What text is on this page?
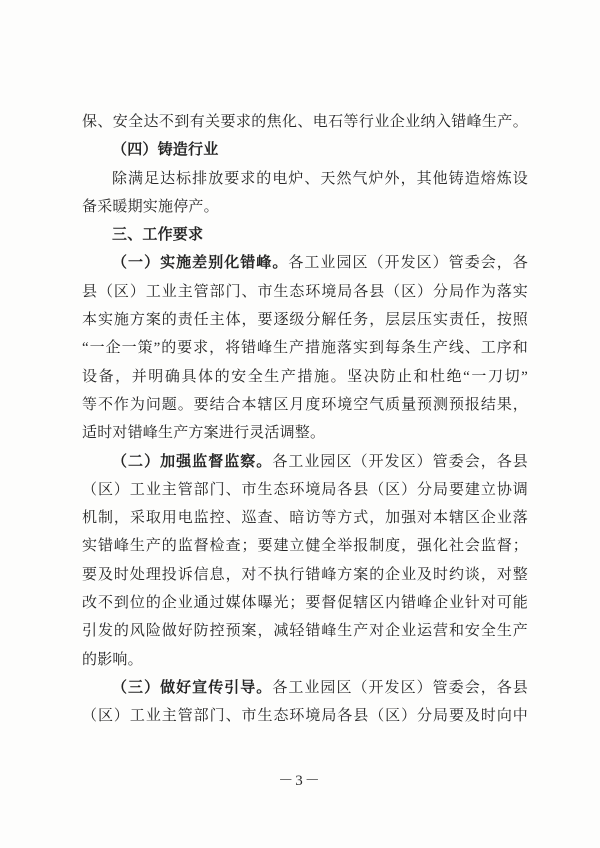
保、安全达不到有关要求的焦化、电石等行业企业纳入错峰生产。
（四）铸造行业
除满足达标排放要求的电炉、天然气炉外，其他铸造熔炼设
备采暖期实施停产。
三、工作要求
（一）实施差别化错峰。各工业园区（开发区）管委会，各
县（区）工业主管部门、市生态环境局各县（区）分局作为落实
本实施方案的责任主体，要逐级分解任务，层层压实责任，按照
“一企一策”的要求，将错峰生产措施落实到每条生产线、工序和
设备，并明确具体的安全生产措施。坚决防止和杜绝“一刀切”
等不作为问题。要结合本辖区月度环境空气质量预测预报结果，
适时对错峰生产方案进行灵活调整。
（二）加强监督监察。各工业园区（开发区）管委会，各县
（区）工业主管部门、市生态环境局各县（区）分局要建立协调
机制，采取用电监控、巡查、暗访等方式，加强对本辖区企业落
实错峰生产的监督检查；要建立健全举报制度，强化社会监督；
要及时处理投诉信息，对不执行错峰方案的企业及时约谈，对整
改不到位的企业通过媒体曝光；要督促辖区内错峰企业针对可能
引发的风险做好防控预案，减轻错峰生产对企业运营和安全生产
的影响。
（三）做好宣传引导。各工业园区（开发区）管委会，各县
（区）工业主管部门、市生态环境局各县（区）分局要及时向中
－3－
